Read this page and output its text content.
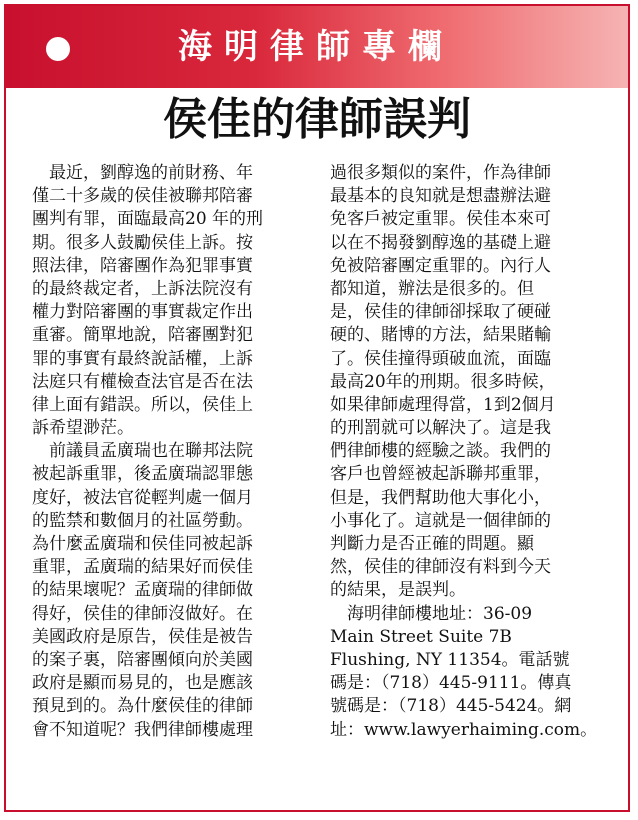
海明律師專欄
侯佳的律師誤判
　最近，劉醇逸的前財務、年
僅二十多歲的侯佳被聯邦陪審
團判有罪，面臨最高20 年的刑
期。很多人鼓勵侯佳上訴。按
照法律，陪審團作為犯罪事實
的最終裁定者，上訴法院沒有
權力對陪審團的事實裁定作出
重審。簡單地說，陪審團對犯
罪的事實有最終說話權，上訴
法庭只有權檢查法官是否在法
律上面有錯誤。所以，侯佳上
訴希望渺茫。
　前議員孟廣瑞也在聯邦法院
被起訴重罪，後孟廣瑞認罪態
度好，被法官從輕判處一個月
的監禁和數個月的社區勞動。
為什麼孟廣瑞和侯佳同被起訴
重罪，孟廣瑞的結果好而侯佳
的結果壞呢？孟廣瑞的律師做
得好，侯佳的律師沒做好。在
美國政府是原告，侯佳是被告
的案子裏，陪審團傾向於美國
政府是顯而易見的，也是應該
預見到的。為什麼侯佳的律師
會不知道呢？我們律師樓處理
過很多類似的案件，作為律師
最基本的良知就是想盡辦法避
免客戶被定重罪。侯佳本來可
以在不揭發劉醇逸的基礎上避
免被陪審團定重罪的。內行人
都知道，辦法是很多的。但
是，侯佳的律師卻採取了硬碰
硬的、賭博的方法，結果賭輸
了。侯佳撞得頭破血流，面臨
最高20年的刑期。很多時候，
如果律師處理得當，1到2個月
的刑罰就可以解決了。這是我
們律師樓的經驗之談。我們的
客戶也曾經被起訴聯邦重罪，
但是，我們幫助他大事化小，
小事化了。這就是一個律師的
判斷力是否正確的問題。顯
然，侯佳的律師沒有料到今天
的結果，是誤判。
　海明律師樓地址：36-09
Main Street Suite 7B
Flushing, NY 11354。電話號
碼是：（718）445-9111。傳真
號碼是：（718）445-5424。網
址：www.lawyerhaiming.com。
